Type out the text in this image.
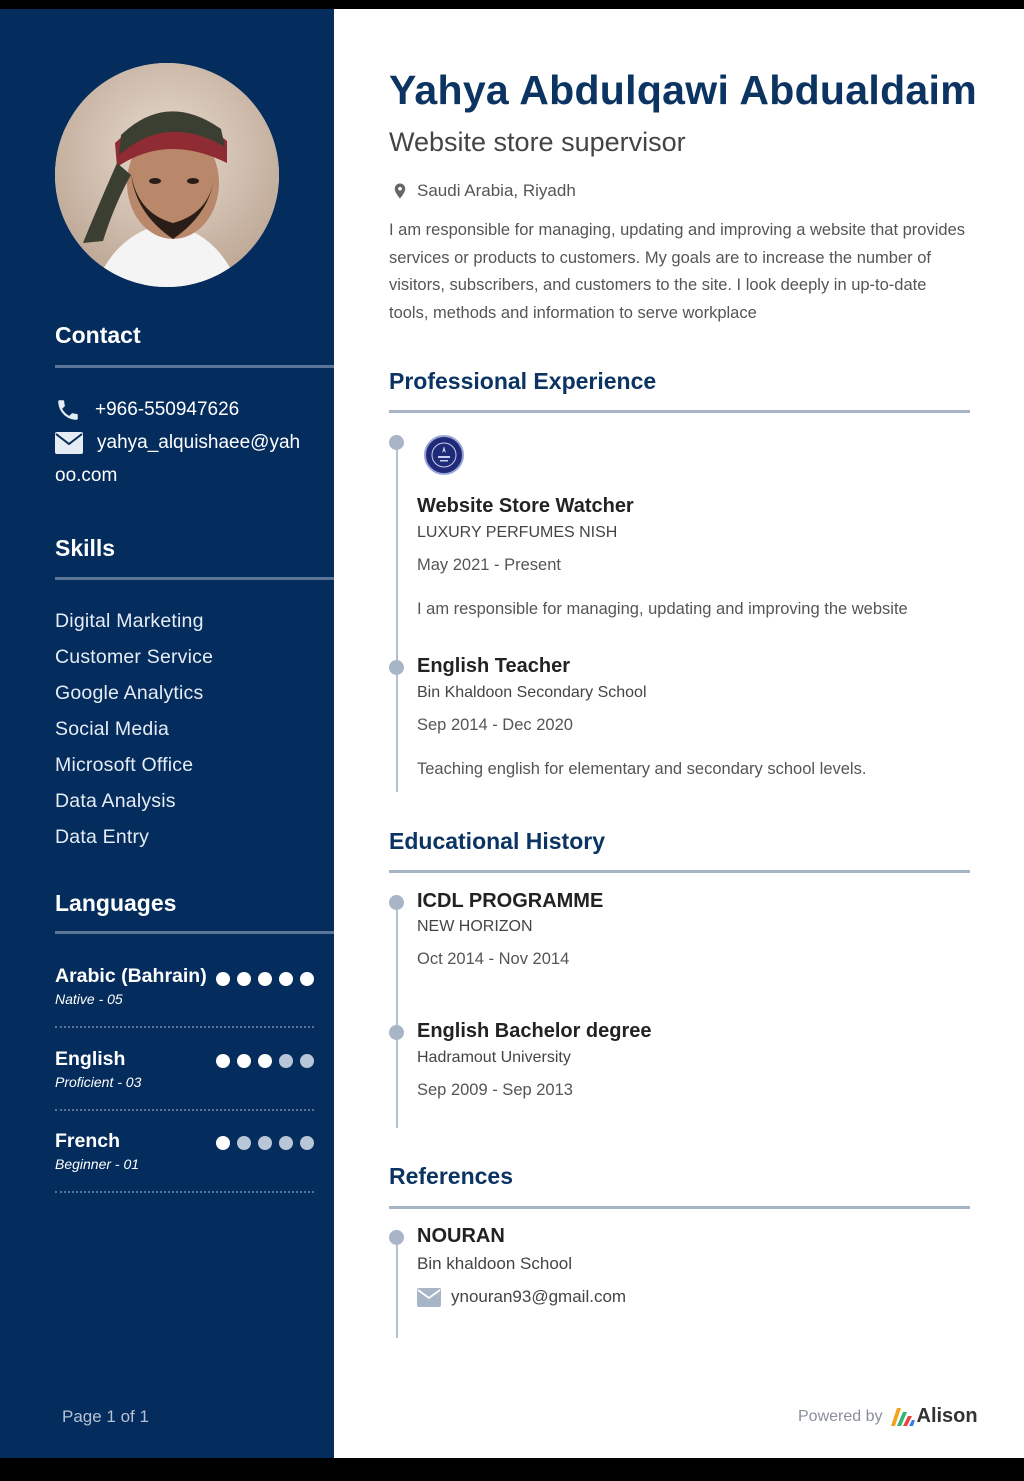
Contact
+966-550947626
yahya_alquishaee@yah
oo.com
Skills
Digital Marketing
Customer Service
Google Analytics
Social Media
Microsoft Office
Data Analysis
Data Entry
Languages
Arabic (Bahrain)
Native - 05
English
Proficient - 03
French
Beginner - 01
Page 1 of 1
Yahya Abdulqawi Abdualdaim
Website store supervisor
Saudi Arabia, Riyadh
I am responsible for managing, updating and improving a website that provides services or products to customers. My goals are to increase the number of visitors, subscribers, and customers to the site. I look deeply in up-to-date tools, methods and information to serve workplace
Professional Experience
Website Store Watcher
LUXURY PERFUMES NISH
May 2021 - Present
I am responsible for managing, updating and improving the website
English Teacher
Bin Khaldoon Secondary School
Sep 2014 - Dec 2020
Teaching english for elementary and secondary school levels.
Educational History
ICDL PROGRAMME
NEW HORIZON
Oct 2014 - Nov 2014
English Bachelor degree
Hadramout University
Sep 2009 - Sep 2013
References
NOURAN
Bin khaldoon School
ynouran93@gmail.com
Powered by Alison
